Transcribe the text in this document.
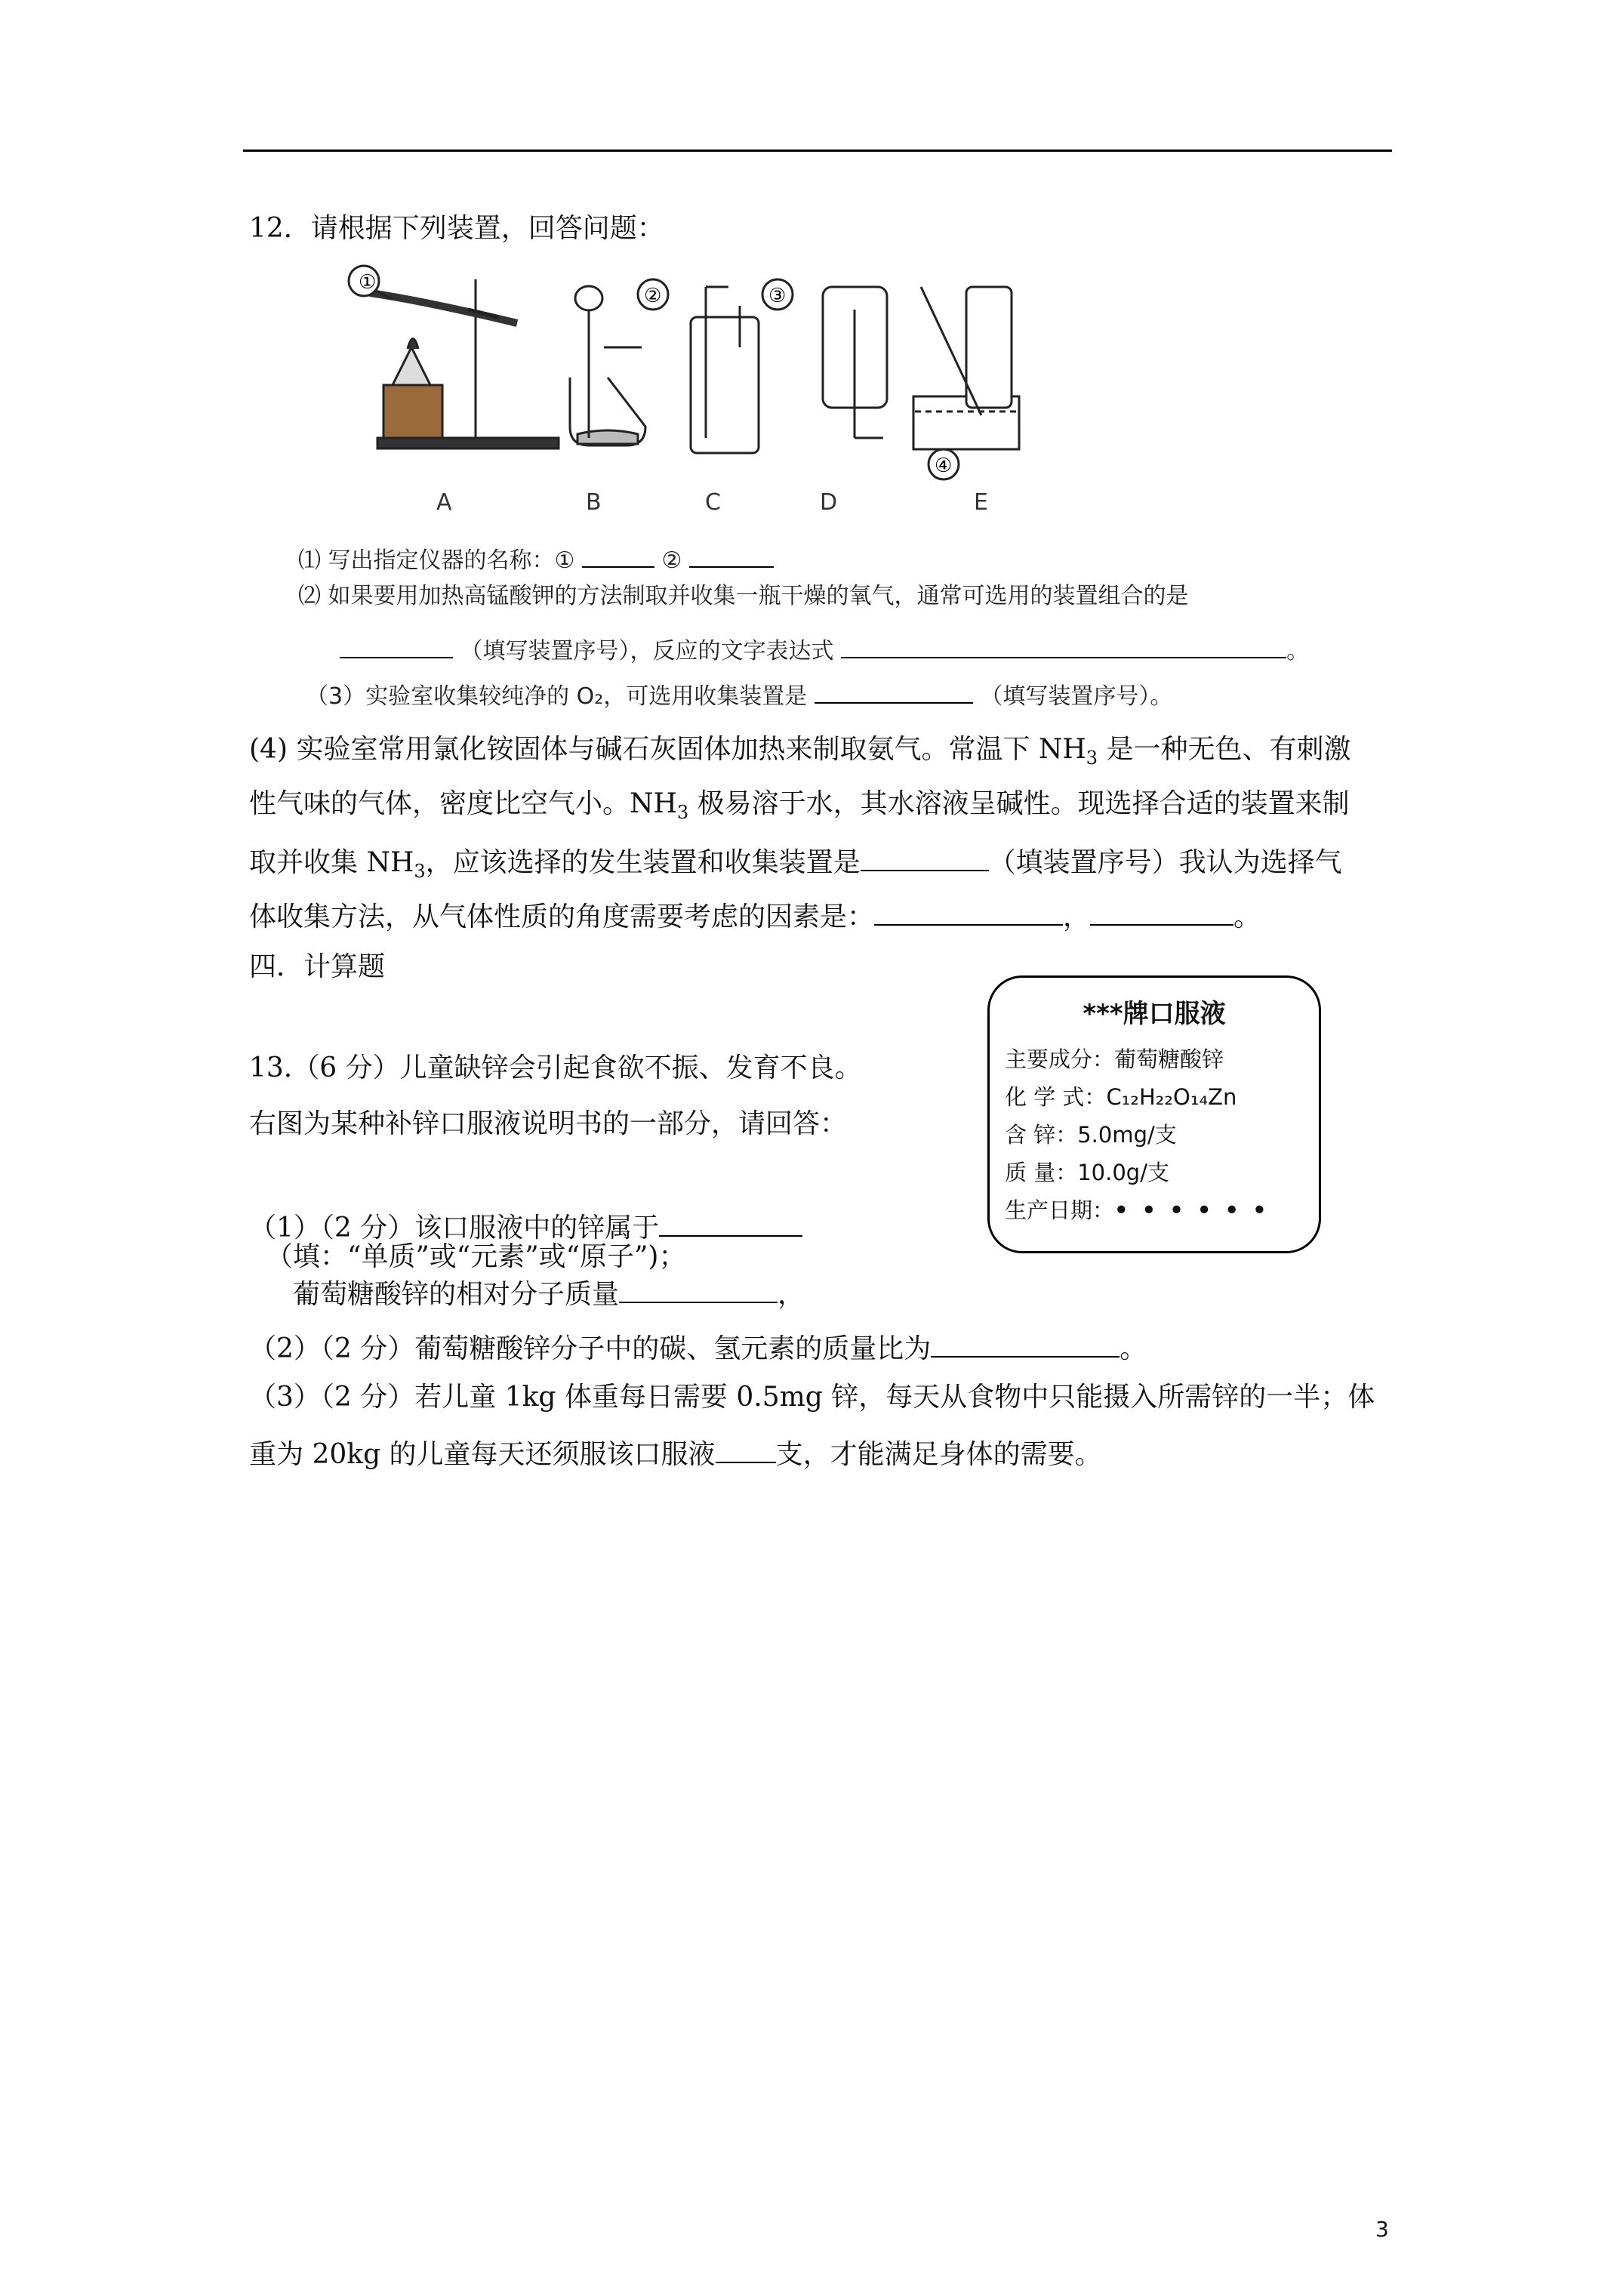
12．请根据下列装置，回答问题：
①
②	③
④
A	B	C	D	E
⑴ 写出指定仪器的名称：①	②
⑵ 如果要用加热高锰酸钾的方法制取并收集一瓶干燥的氧气，通常可选用的装置组合的是
（填写装置序号），反应的文字表达式	。
（3）实验室收集较纯净的 O₂，可选用收集装置是	（填写装置序号）。
(4) 实验室常用氯化铵固体与碱石灰固体加热来制取氨气。常温下 $NH_3$ 是一种无色、有刺激
性气味的气体，密度比空气小。$NH_3$ 极易溶于水，其水溶液呈碱性。现选择合适的装置来制
取并收集 $NH_3$，应该选择的发生装置和收集装置是	（填装置序号）我认为选择气
体收集方法，从气体性质的角度需要考虑的因素是：	，	。
四．计算题
13.（6 分）儿童缺锌会引起食欲不振、发育不良。
右图为某种补锌口服液说明书的一部分，请回答：
（1）（2 分）该口服液中的锌属于
（填：“单质”或“元素”或“原子”)；
葡萄糖酸锌的相对分子质量	，
（2）（2 分）葡萄糖酸锌分子中的碳、氢元素的质量比为	。
（3）（2 分）若儿童 1kg 体重每日需要 0.5mg 锌，每天从食物中只能摄入所需锌的一半；体
重为 20kg 的儿童每天还须服该口服液 支，才能满足身体的需要。
***牌口服液
主要成分：葡萄糖酸锌
化 学 式：C₁₂H₂₂O₁₄Zn
含 锌：5.0mg/支
质 量：10.0g/支
生产日期：• • • • • •
3
